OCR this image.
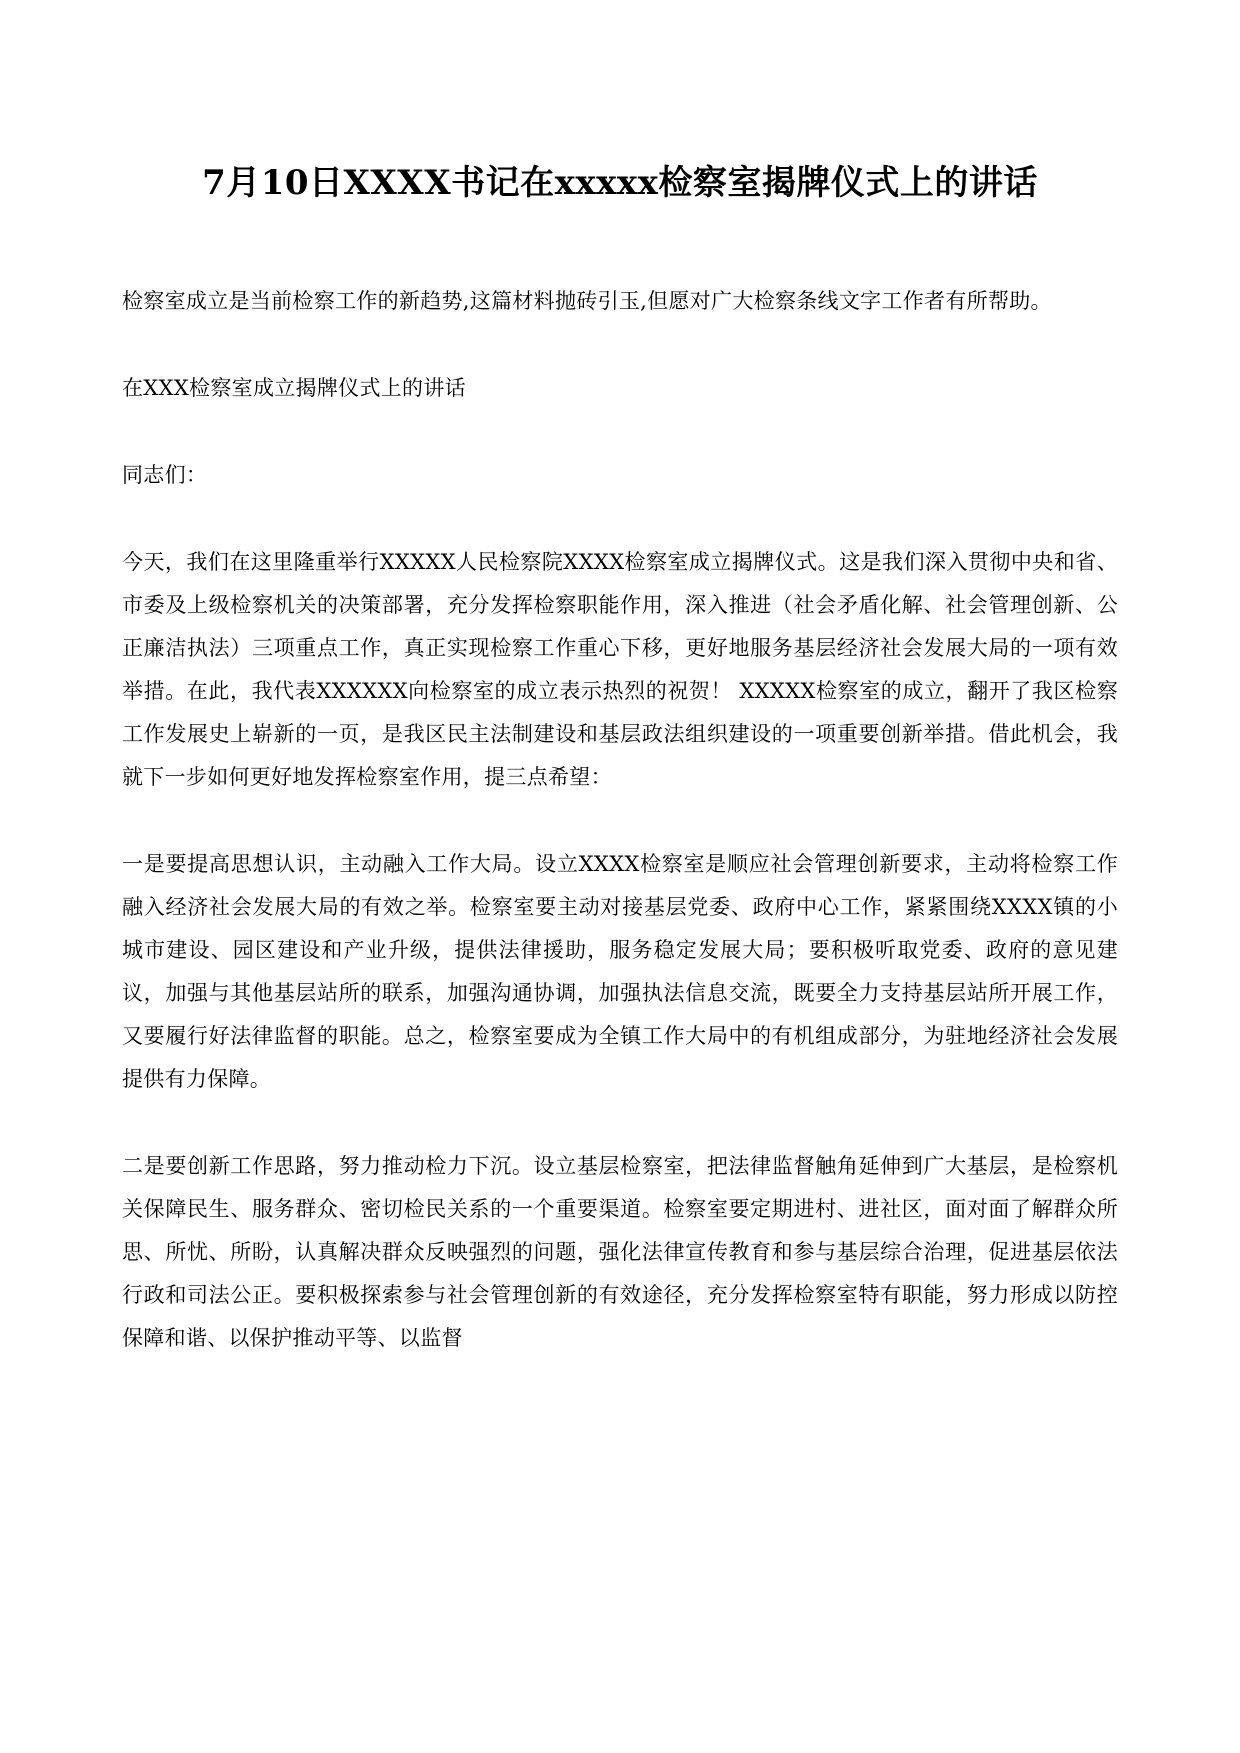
7月10日XXXX书记在xxxxx检察室揭牌仪式上的讲话

检察室成立是当前检察工作的新趋势,这篇材料抛砖引玉,但愿对广大检察条线文字工作者有所帮助。

在XXX检察室成立揭牌仪式上的讲话

同志们：

今天，我们在这里隆重举行XXXXX人民检察院XXXX检察室成立揭牌仪式。这是我们深入贯彻中央和省、市委及上级检察机关的决策部署，充分发挥检察职能作用，深入推进（社会矛盾化解、社会管理创新、公正廉洁执法）三项重点工作，真正实现检察工作重心下移，更好地服务基层经济社会发展大局的一项有效举措。在此，我代表XXXXXX向检察室的成立表示热烈的祝贺！ XXXXX检察室的成立，翻开了我区检察工作发展史上崭新的一页，是我区民主法制建设和基层政法组织建设的一项重要创新举措。借此机会，我就下一步如何更好地发挥检察室作用，提三点希望：

一是要提高思想认识，主动融入工作大局。设立XXXX检察室是顺应社会管理创新要求，主动将检察工作融入经济社会发展大局的有效之举。检察室要主动对接基层党委、政府中心工作，紧紧围绕XXXX镇的小城市建设、园区建设和产业升级，提供法律援助，服务稳定发展大局；要积极听取党委、政府的意见建议，加强与其他基层站所的联系，加强沟通协调，加强执法信息交流，既要全力支持基层站所开展工作，又要履行好法律监督的职能。总之，检察室要成为全镇工作大局中的有机组成部分，为驻地经济社会发展提供有力保障。

二是要创新工作思路，努力推动检力下沉。设立基层检察室，把法律监督触角延伸到广大基层，是检察机关保障民生、服务群众、密切检民关系的一个重要渠道。检察室要定期进村、进社区，面对面了解群众所思、所忧、所盼，认真解决群众反映强烈的问题，强化法律宣传教育和参与基层综合治理，促进基层依法行政和司法公正。要积极探索参与社会管理创新的有效途径，充分发挥检察室特有职能，努力形成以防控保障和谐、以保护推动平等、以监督
